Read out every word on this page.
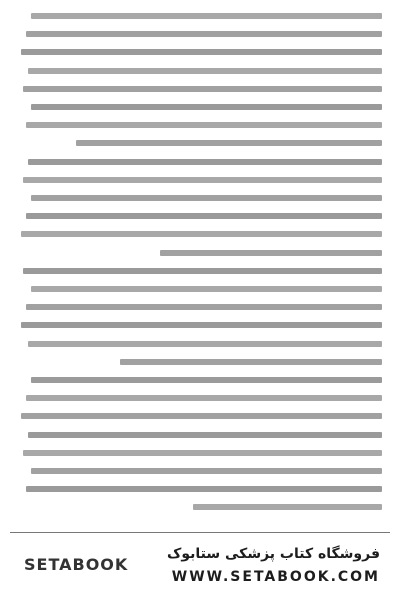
SETABOOK
فروشگاه کتاب پزشکی ستابوک
WWW.SETABOOK.COM
